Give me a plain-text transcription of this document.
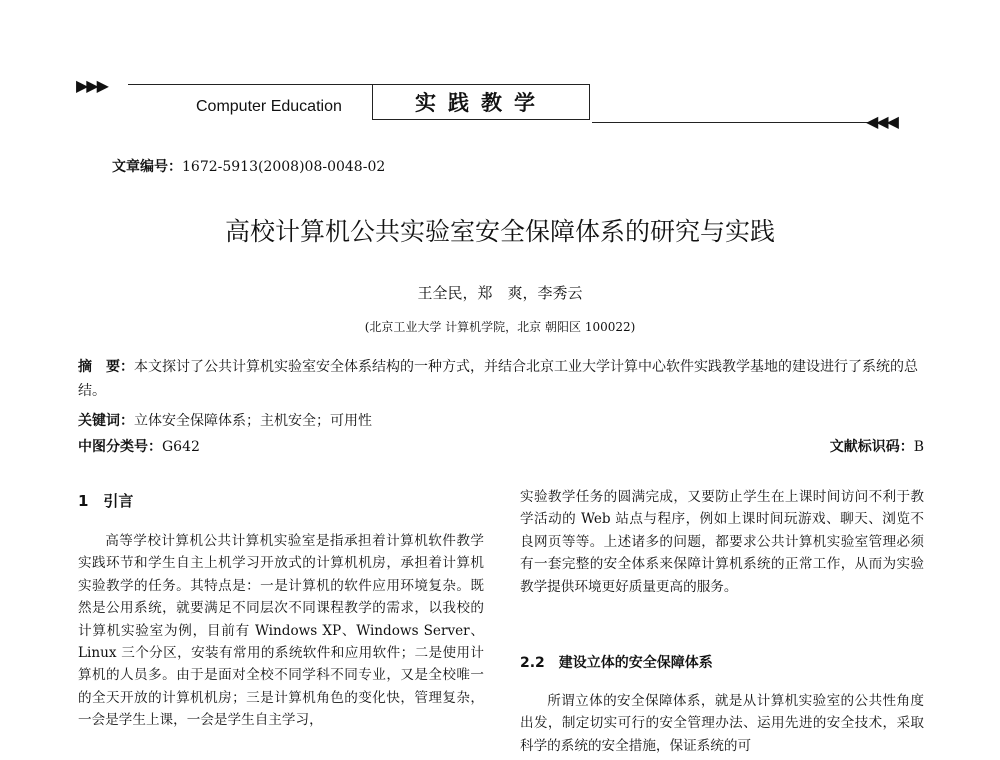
▶▶▶
Computer Education	实践教学
◀◀◀
文章编号：1672-5913(2008)08-0048-02
高校计算机公共实验室安全保障体系的研究与实践
王全民，郑　爽，李秀云
(北京工业大学 计算机学院，北京 朝阳区 100022)
摘　要：本文探讨了公共计算机实验室安全体系结构的一种方式，并结合北京工业大学计算中心软件实践教学基地的建设进行了系统的总结。
关键词：立体安全保障体系；主机安全；可用性
中图分类号：G642	文献标识码：B
1　引言

高等学校计算机公共计算机实验室是指承担着计算机软件教学实践环节和学生自主上机学习开放式的计算机机房，承担着计算机实验教学的任务。其特点是：一是计算机的软件应用环境复杂。既然是公用系统，就要满足不同层次不同课程教学的需求，以我校的计算机实验室为例，目前有 Windows XP、Windows Server、Linux 三个分区，安装有常用的系统软件和应用软件；二是使用计算机的人员多。由于是面对全校不同学科不同专业，又是全校唯一的全天开放的计算机机房；三是计算机角色的变化快，管理复杂，一会是学生上课，一会是学生自主学习，

实验教学任务的圆满完成，又要防止学生在上课时间访问不利于教学活动的 Web 站点与程序，例如上课时间玩游戏、聊天、浏览不良网页等等。上述诸多的问题，都要求公共计算机实验室管理必须有一套完整的安全体系来保障计算机系统的正常工作，从而为实验教学提供环境更好质量更高的服务。

2.2　建设立体的安全保障体系

所谓立体的安全保障体系，就是从计算机实验室的公共性角度出发，制定切实可行的安全管理办法、运用先进的安全技术，采取科学的系统的安全措施，保证系统的可
